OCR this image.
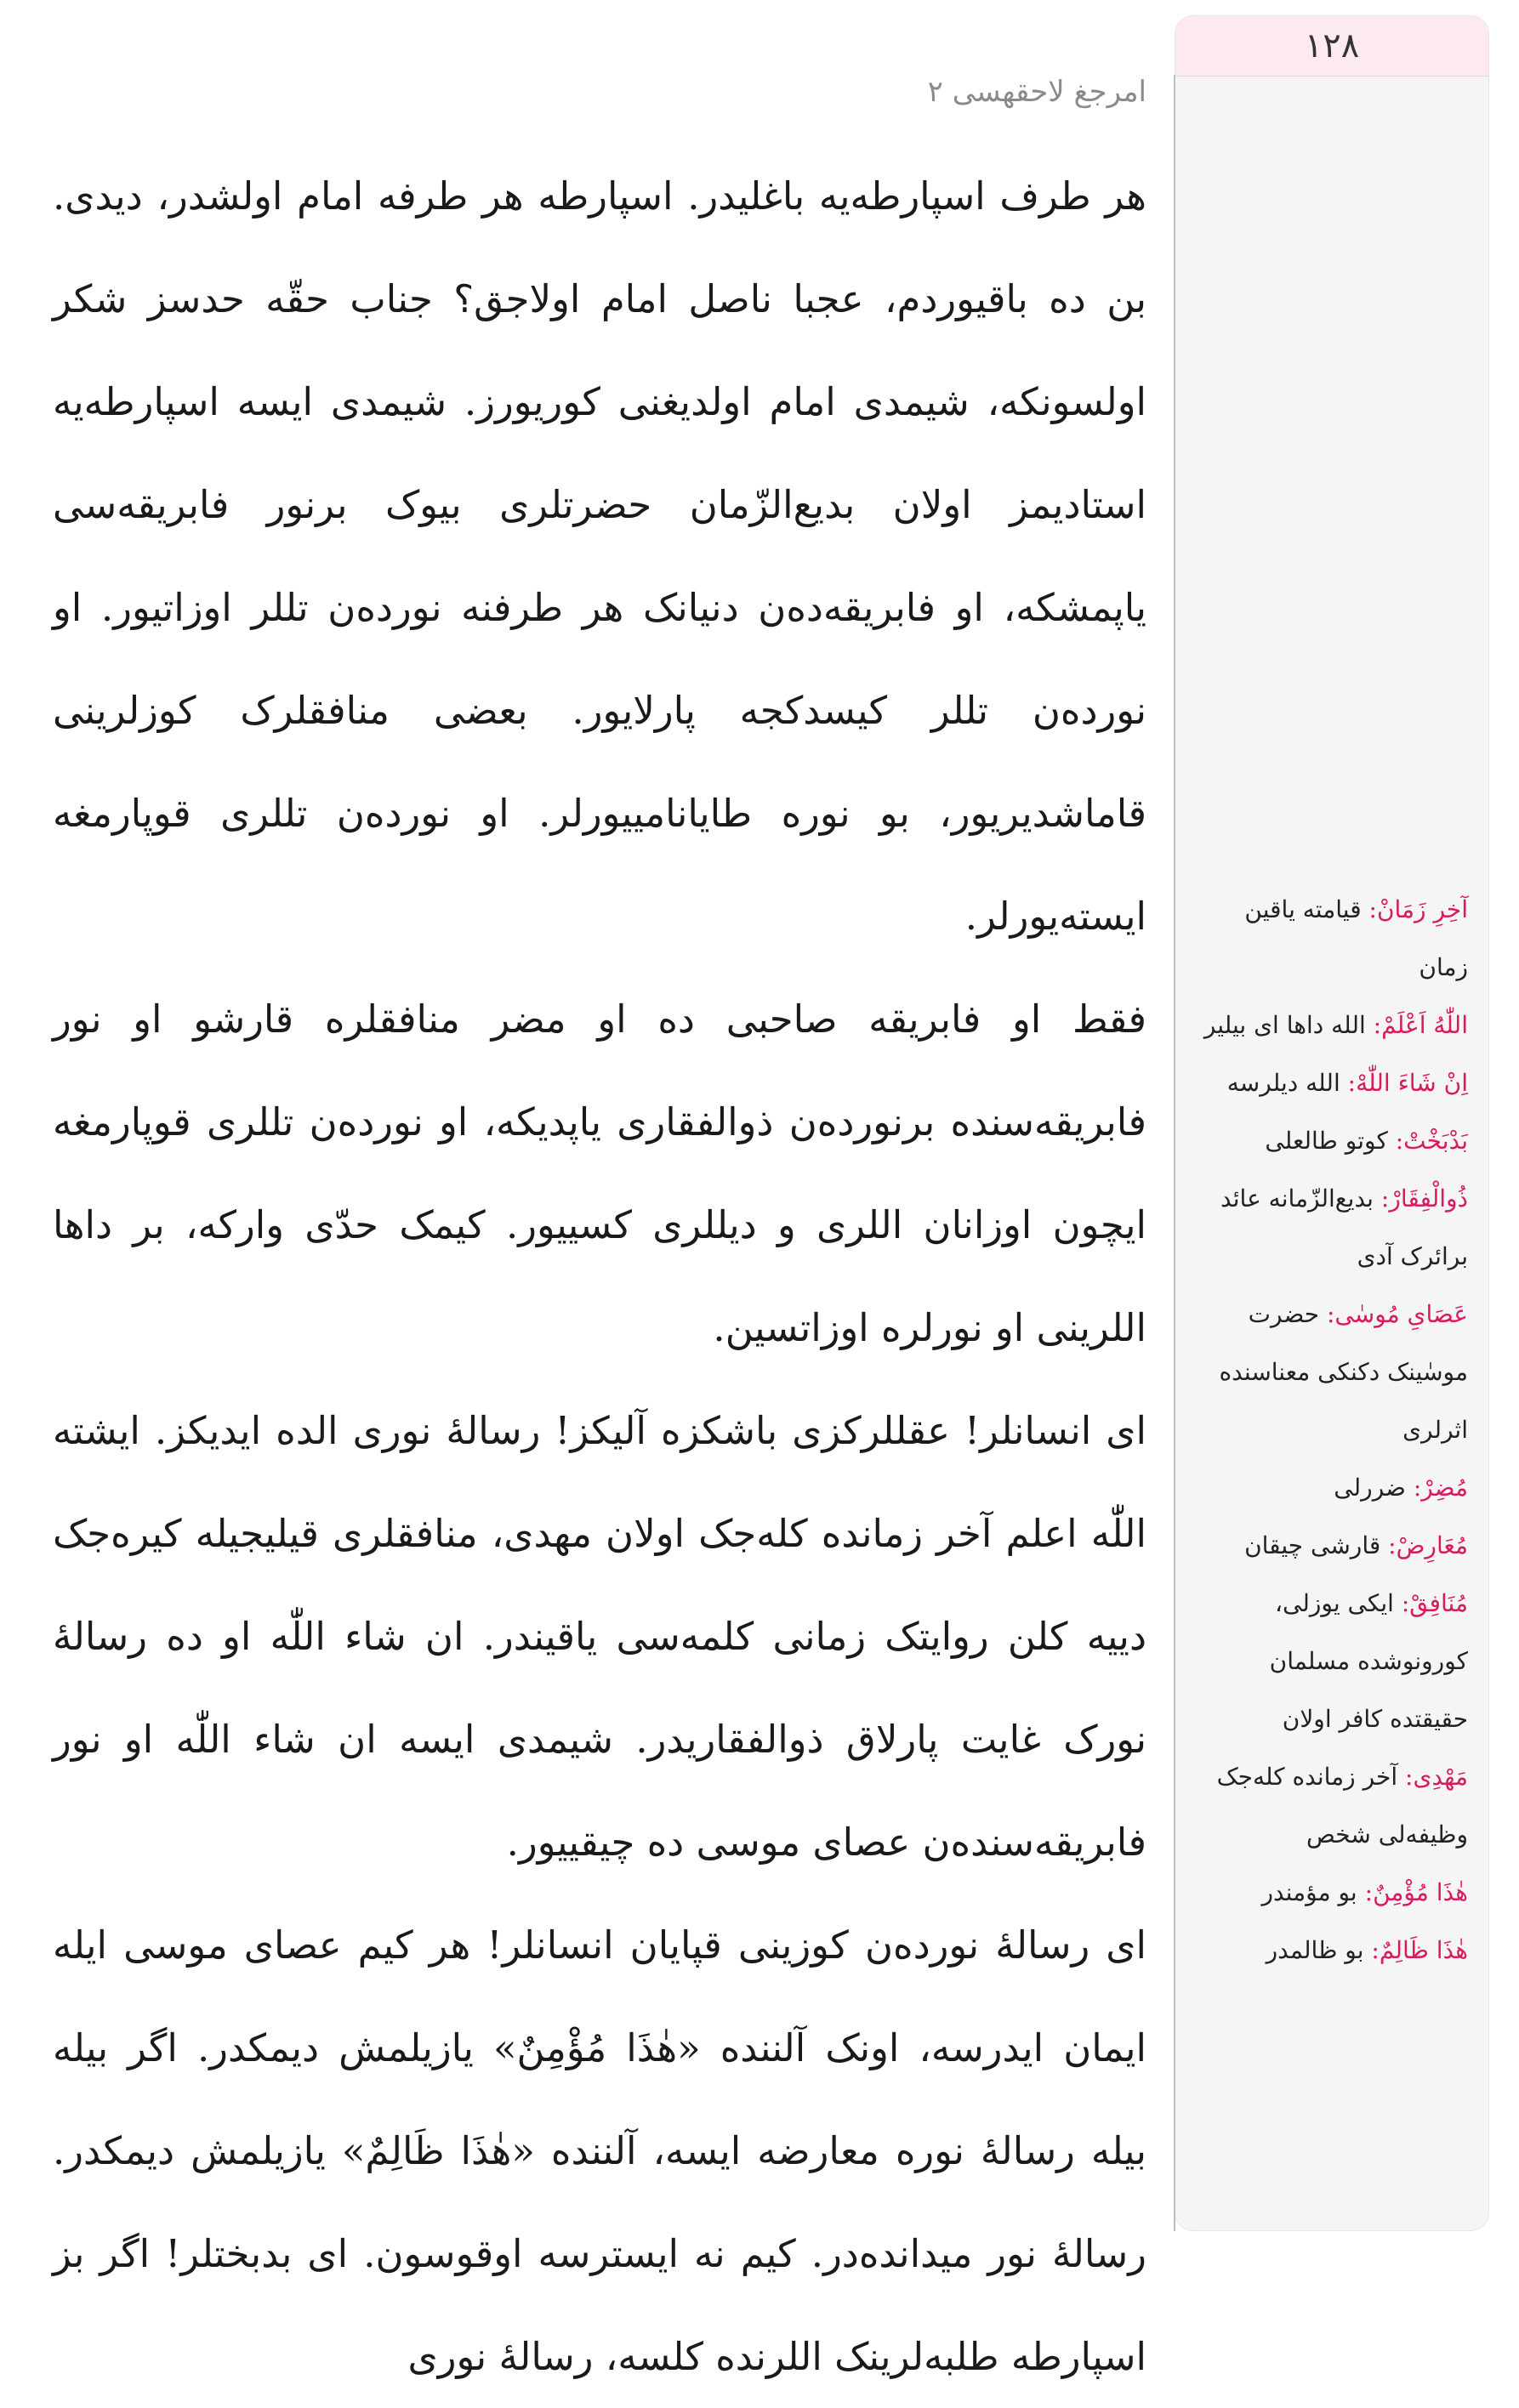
۱۲۸
امرجغ لاحقهسی ۲

هر طرف اسپارطه‌یه باغلیدر. اسپارطه هر طرفه امام اولشدر، دیدی. بن ده باقیوردم، عجبا ناصل امام اولاجق؟ جناب حقّه حدسز شکر اولسونکه، شیمدی امام اولدیغنی کوریورز. شیمدی ایسه اسپارطه‌یه استادیمز اولان بدیع‌الزّمان حضرتلری بیوک برنور فابریقه‌سی یاپمشکه، او فابریقه‌ده‌ن دنیانک هر طرفنه نورده‌ن تللر اوزاتیور. او نورده‌ن تللر کیسدکجه پارلایور. بعضی منافقلرک کوزلرینی قاماشدیریور، بو نوره طایانامییورلر. او نورده‌ن تللری قوپارمغه ایسته‌یورلر.

فقط او فابریقه صاحبی ده او مضر منافقلره قارشو او نور فابریقه‌سنده برنورده‌ن ذوالفقاری یاپدیکه، او نورده‌ن تللری قوپارمغه ایچون اوزانان اللری و دیللری کسییور. کیمک حدّی وارکه، بر داها اللرینی او نورلره اوزاتسین.

ای انسانلر! عقللرکزی باشکزه آلیکز! رساله‌ٔ نوری الده ایدیکز. ایشته اللّٰه اعلم آخر زمانده کله‌جک اولان مهدی، منافقلری قیلیجیله کیره‌جک دییه کلن روایتک زمانی کلمه‌سی یاقیندر. ان شاء اللّٰه او ده رساله‌ٔ نورک غایت پارلاق ذوالفقاریدر. شیمدی ایسه ان شاء اللّٰه او نور فابریقه‌سنده‌ن عصای موسی ده چیقییور.

ای رساله‌ٔ نورده‌ن کوزینی قپایان انسانلر! هر کیم عصای موسی ایله ایمان ایدرسه، اونک آلننده «هٰذَا مُؤْمِنٌ» یازیلمش دیمکدر. اگر بیله بیله رساله‌ٔ نوره معارضه ایسه، آلننده «هٰذَا ظَالِمٌ» یازیلمش دیمکدر. رساله‌ٔ نور میدانده‌در. کیم نه ایسترسه اوقوسون. ای بدبختلر! اگر بز اسپارطه طلبه‌لرینک اللرنده کلسه، رساله‌ٔ نوری

آخِرِ زَمَانْ: قیامته یاقین زمان
اللّٰهُ اَعْلَمْ: الله داها ای بیلیر
اِنْ شَاءَ اللّٰهْ: الله دیلرسه
بَدْبَخْتْ: کوتو طالعلی
ذُوالْفِقَارْ: بدیع‌الزّمانه عائد برائرک آدی
عَصَایِ مُوسٰی: حضرت موسٰینک دکنکی معناسنده اثرلری
مُضِرْ: ضررلی
مُعَارِضْ: قارشی چیقان
مُنَافِقْ: ایکی یوزلی، کورونوشده مسلمان حقیقتده کافر اولان
مَهْدِی: آخر زمانده کله‌جک وظیفه‌لی شخص
هٰذَا مُؤْمِنٌ: بو مؤمندر
هٰذَا ظَالِمٌ: بو ظالمدر
